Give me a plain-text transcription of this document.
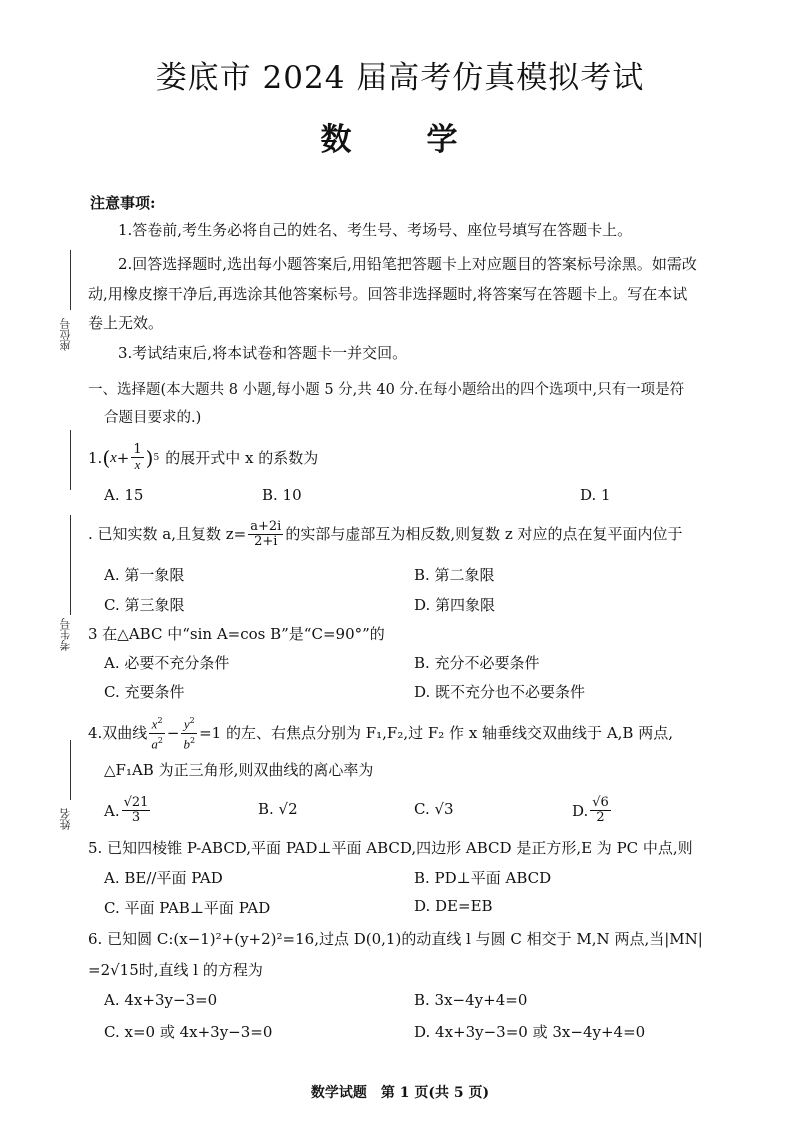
娄底市 2024 届高考仿真模拟考试
数　学
座位号
考生号
姓名
注意事项:
1.答卷前,考生务必将自己的姓名、考生号、考场号、座位号填写在答题卡上。
2.回答选择题时,选出每小题答案后,用铅笔把答题卡上对应题目的答案标号涂黑。如需改
动,用橡皮擦干净后,再选涂其他答案标号。回答非选择题时,将答案写在答题卡上。写在本试
卷上无效。
3.考试结束后,将本试卷和答题卡一并交回。
一、选择题(本大题共 8 小题,每小题 5 分,共 40 分.在每小题给出的四个选项中,只有一项是符
合题目要求的.)
1. ( $x + \frac{1}{x}$ ) 5 的展开式中 x 的系数为
A. 15	B. 10	D. 1
. 已知实数 a,且复数 $z= \frac{a+2i}{2+i}$ 的实部与虚部互为相反数,则复数 z 对应的点在复平面内位于
A. 第一象限	B. 第二象限
C. 第三象限	D. 第四象限
3 在△ABC 中“sin A=cos B”是“C=90°”的
A. 必要不充分条件	B. 充分不必要条件
C. 充要条件	D. 既不充分也不必要条件
4.双曲线 $\frac{x^2}{a^2} - \frac{y^2}{b^2} =1$ 的左、右焦点分别为 F₁,F₂,过 F₂ 作 x 轴垂线交双曲线于 A,B 两点,
△F₁AB 为正三角形,则双曲线的离心率为
A. $\frac{√21}{3}$	B. √2	C. √3	D. $\frac{√6}{2}$
5. 已知四棱锥 P-ABCD,平面 PAD⊥平面 ABCD,四边形 ABCD 是正方形,E 为 PC 中点,则
A. BE//平面 PAD	B. PD⊥平面 ABCD
C. 平面 PAB⊥平面 PAD	D. DE=EB
6. 已知圆 C:(x−1)²+(y+2)²=16,过点 D(0,1)的动直线 l 与圆 C 相交于 M,N 两点,当|MN|
=2√15时,直线 l 的方程为
A. 4x+3y−3=0	B. 3x−4y+4=0
C. x=0 或 4x+3y−3=0	D. 4x+3y−3=0 或 3x−4y+4=0
数学试题　第 1 页(共 5 页)
